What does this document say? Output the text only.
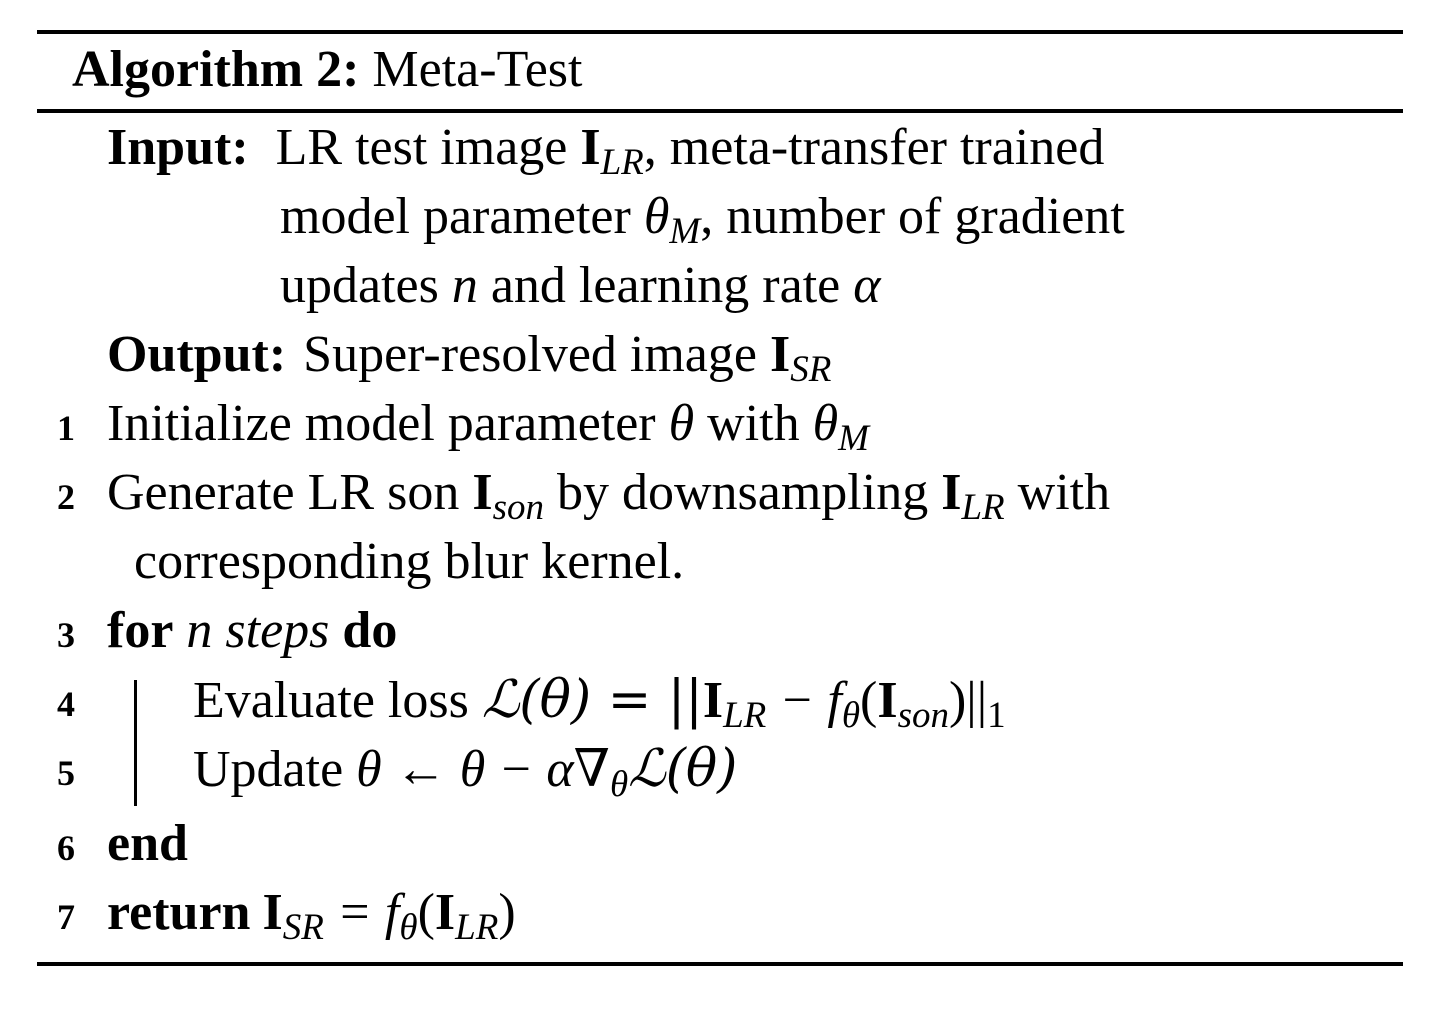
Algorithm 2: Meta-Test
Input: LR test image $I_{LR}$, meta-transfer trained
model parameter $\theta_M$, number of gradient
updates n and learning rate α
Output: Super-resolved image $I_{SR}$
1
2
3
4
5
6
7
Initialize model parameter θ with $\theta_M$
Generate LR son $I_{son}$ by downsampling $I_{LR}$ with
corresponding blur kernel.
for n steps do
Evaluate loss ℒ(θ) = $||I_{LR} - f_\theta(I_{son})||1$
Update θ ← $\theta - \alpha\nabla_\theta ℒ(\theta)$
end
return $I_{SR} = f_\theta(I_{LR})$
